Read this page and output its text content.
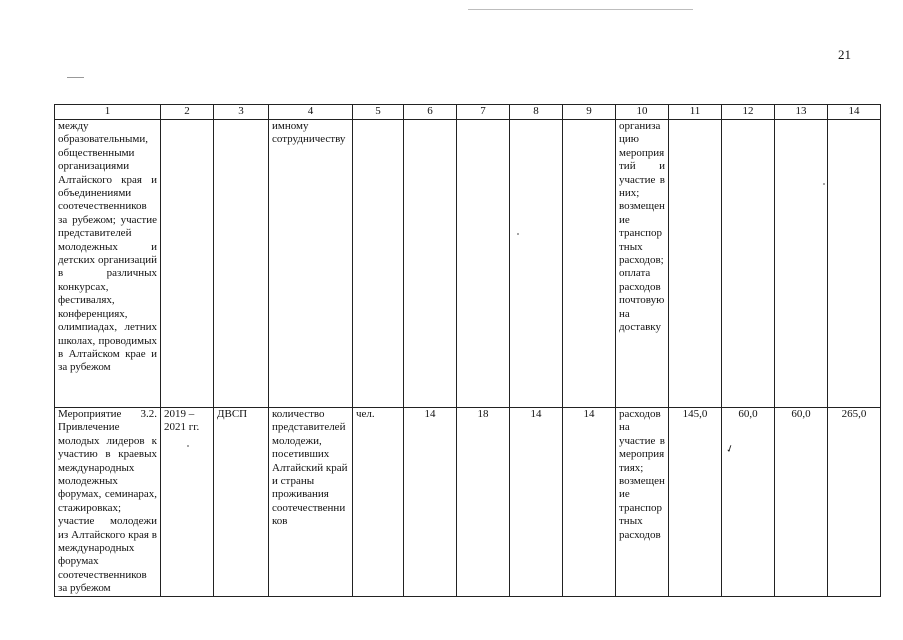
21
1	2	3	4	5	6	7	8	9	10	11	12	13	14
между образовательными, общественными организациями Алтайского края и объединениями соотечественников за рубежом; участие представителей молодежных и детских организаций в различных конкурсах, фестивалях, конференциях, олимпиадах, летних школах, проводимых в Алтайском крае и за рубежом			имному сотрудничеству						организацию мероприятий и участие в них; возмещение транспортных расходов; оплата расходов почтовую на доставку				
Мероприятие 3.2. Привлечение молодых лидеров к участию в краевых международных молодежных форумах, семинарах, стажировках; участие молодежи из Алтайского края в международных форумах соотечественников за рубежом	2019 – 2021 гг.	ДВСП	количество представителей молодежи, посетивших Алтайский край и страны проживания соотечественников	чел.	14	18	14	14	расходов на участие в мероприятиях; возмещение транспортных расходов	145,0	60,0	60,0	265,0
✓
